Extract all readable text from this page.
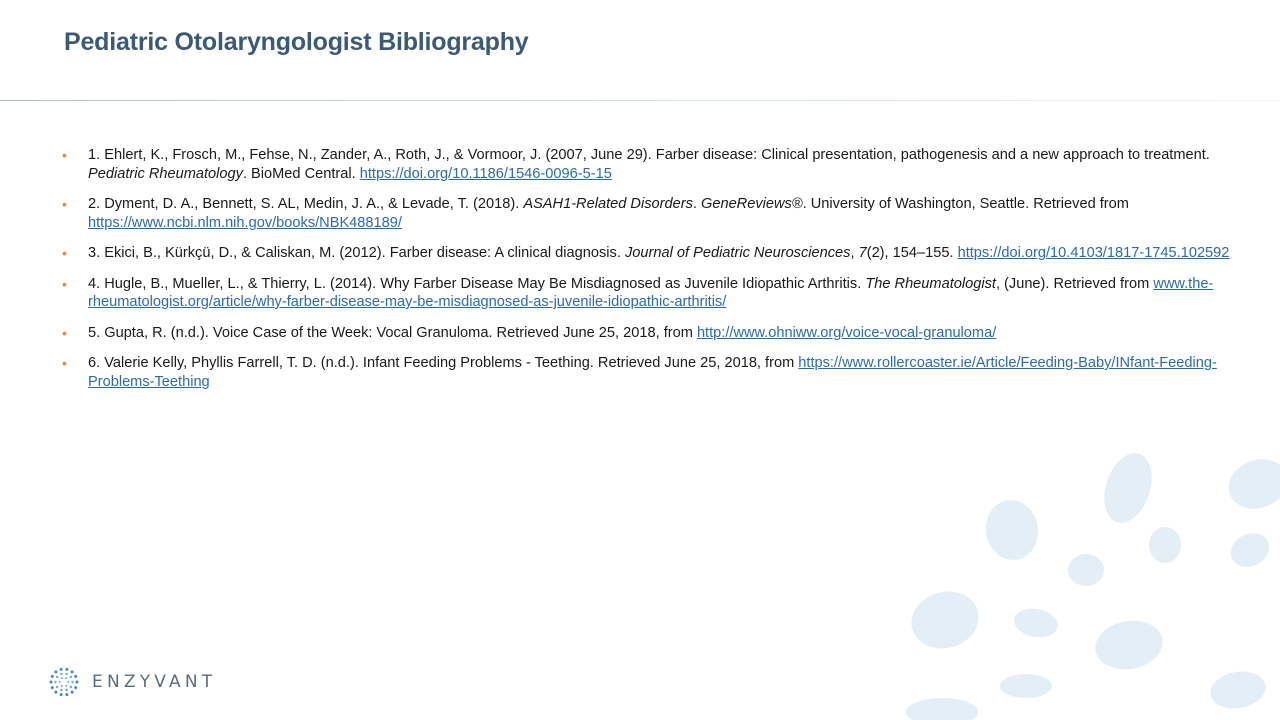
Pediatric Otolaryngologist Bibliography
• 1. Ehlert, K., Frosch, M., Fehse, N., Zander, A., Roth, J., & Vormoor, J. (2007, June 29). Farber disease: Clinical presentation, pathogenesis and a new approach to treatment. Pediatric Rheumatology. BioMed Central. https://doi.org/10.1186/1546-0096-5-15
• 2. Dyment, D. A., Bennett, S. AL, Medin, J. A., & Levade, T. (2018). ASAH1-Related Disorders. GeneReviews®. University of Washington, Seattle. Retrieved from https://www.ncbi.nlm.nih.gov/books/NBK488189/
• 3. Ekici, B., Kürkçü, D., & Caliskan, M. (2012). Farber disease: A clinical diagnosis. Journal of Pediatric Neurosciences, 7(2), 154–155. https://doi.org/10.4103/1817-1745.102592
• 4. Hugle, B., Mueller, L., & Thierry, L. (2014). Why Farber Disease May Be Misdiagnosed as Juvenile Idiopathic Arthritis. The Rheumatologist, (June). Retrieved from www.the-rheumatologist.org/article/why-farber-disease-may-be-misdiagnosed-as-juvenile-idiopathic-arthritis/
• 5. Gupta, R. (n.d.). Voice Case of the Week: Vocal Granuloma. Retrieved June 25, 2018, from http://www.ohniww.org/voice-vocal-granuloma/
• 6. Valerie Kelly, Phyllis Farrell, T. D. (n.d.). Infant Feeding Problems - Teething. Retrieved June 25, 2018, from https://www.rollercoaster.ie/Article/Feeding-Baby/INfant-Feeding-Problems-Teething
ENZYVANT
